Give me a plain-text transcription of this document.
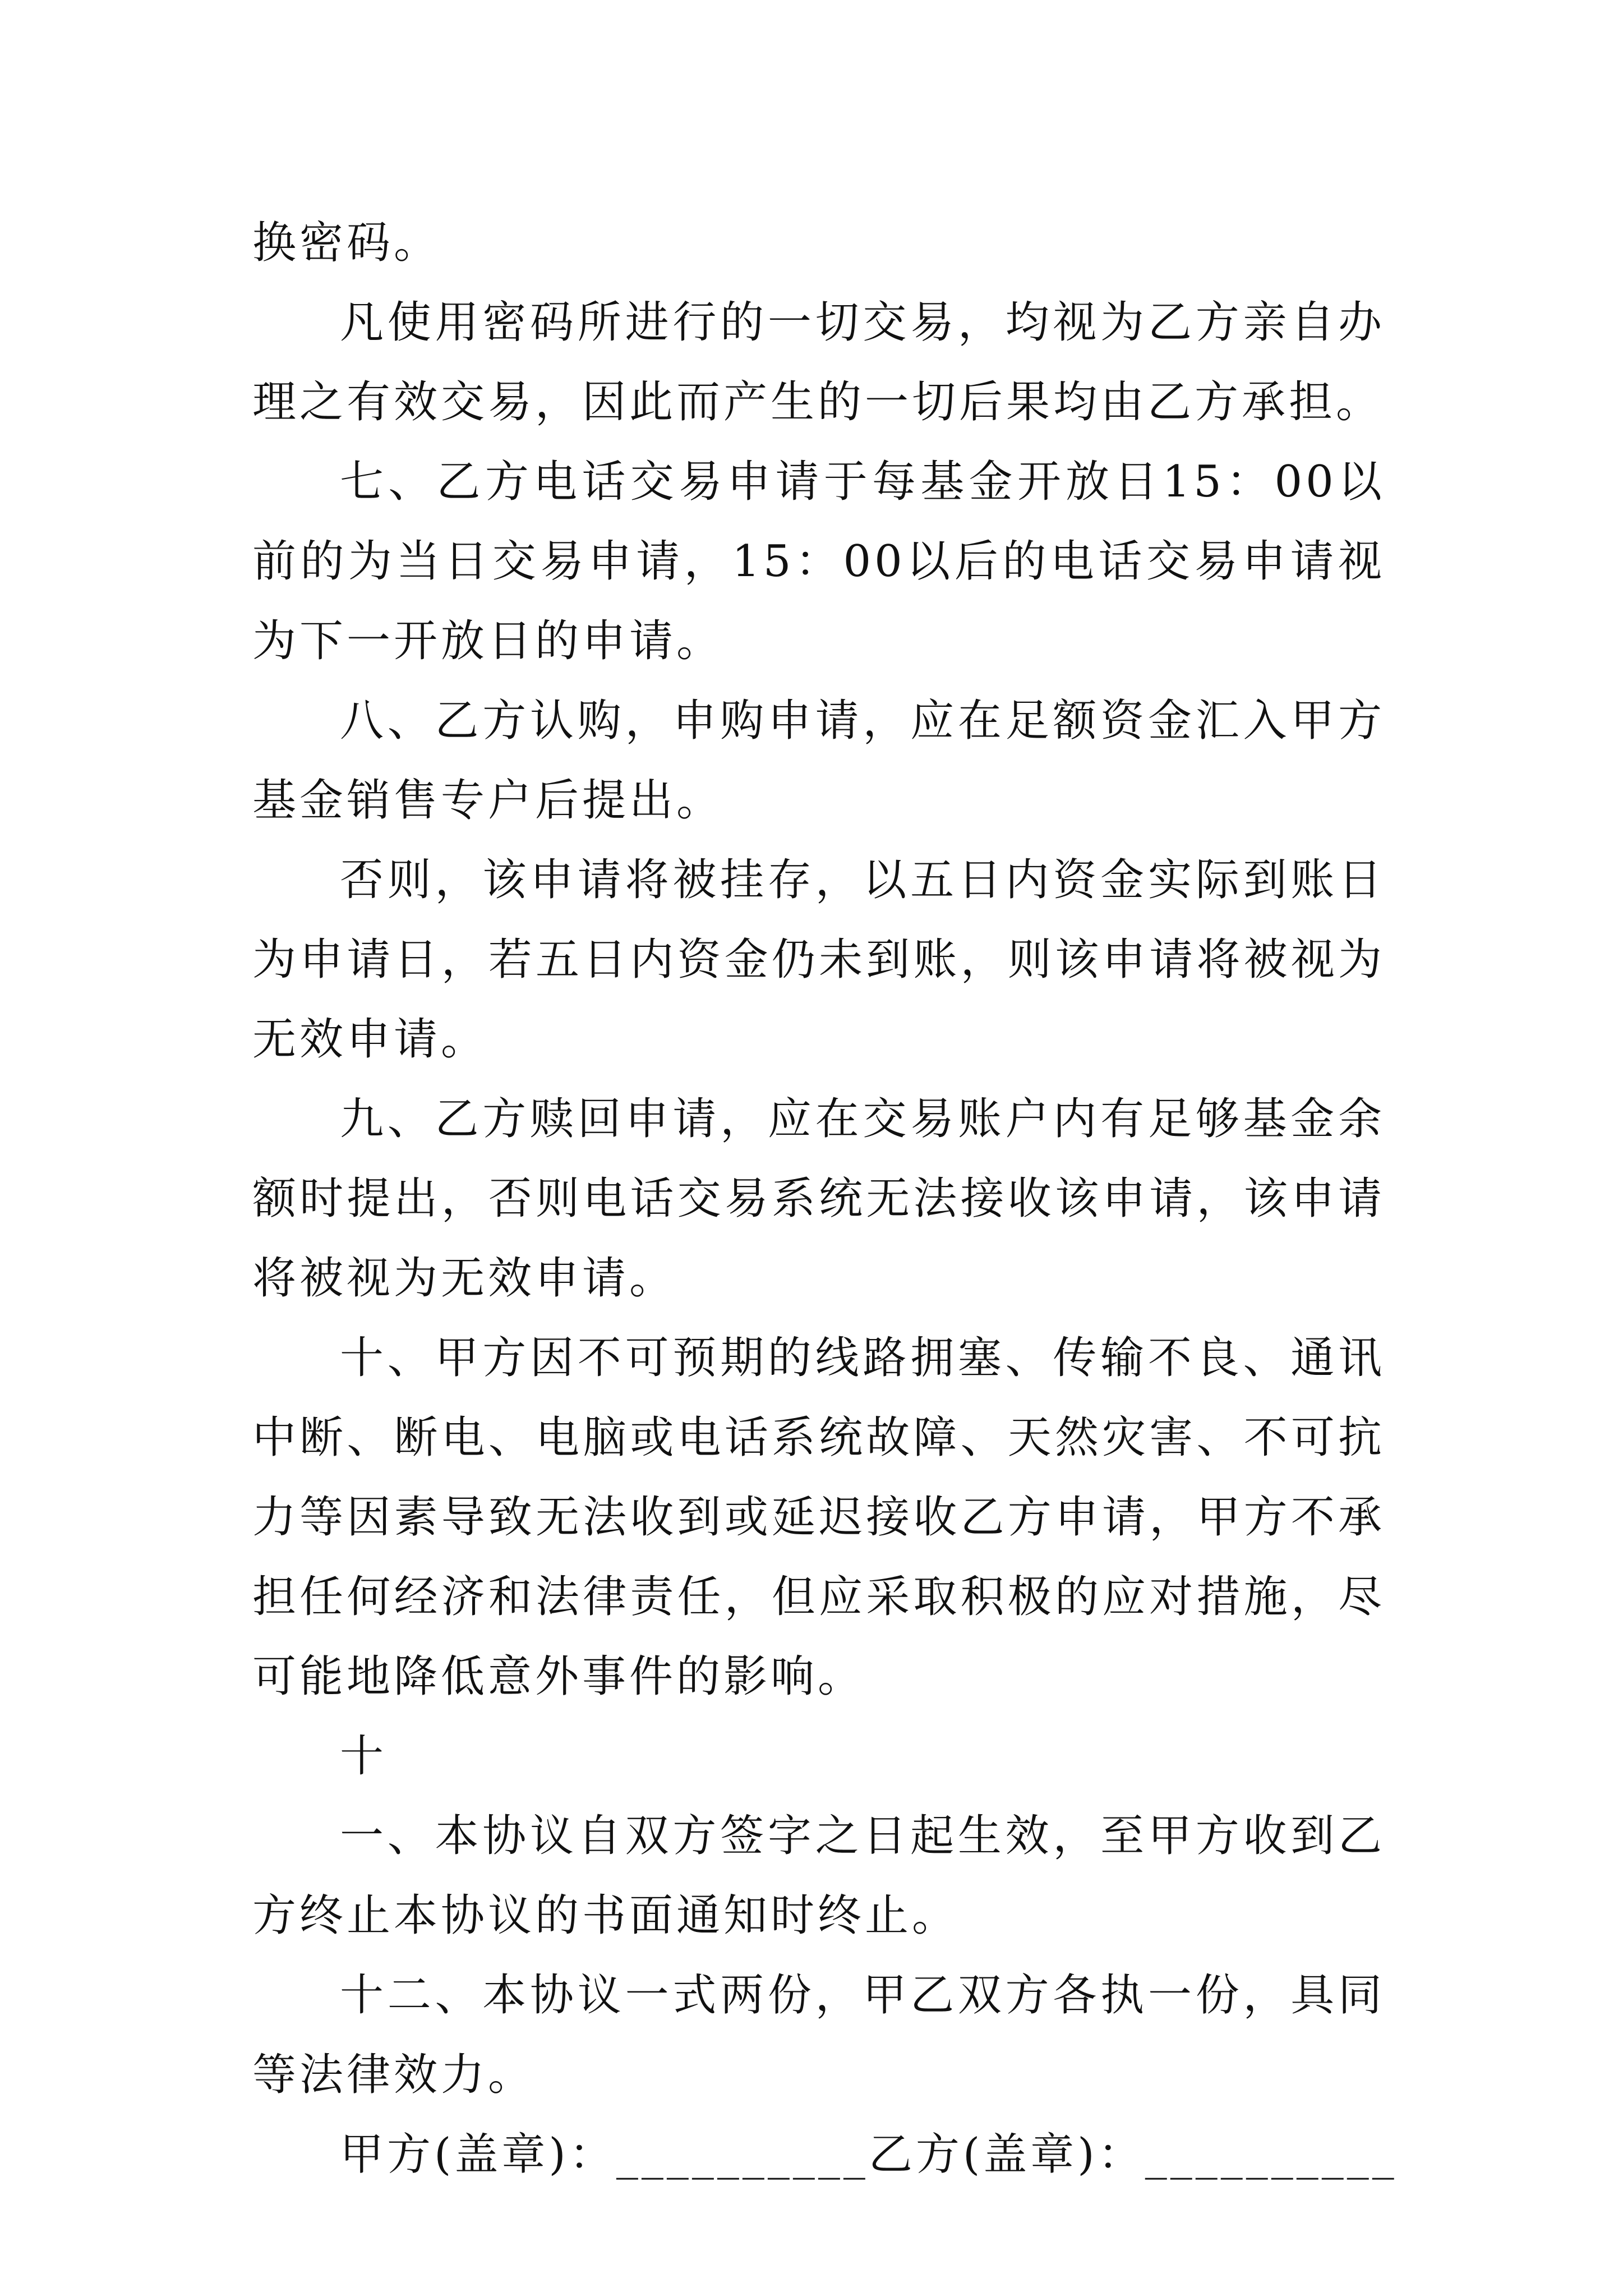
换密码。

凡使用密码所进行的一切交易，均视为乙方亲自办理之有效交易，因此而产生的一切后果均由乙方承担。

七、乙方电话交易申请于每基金开放日15：00以前的为当日交易申请，15：00以后的电话交易申请视为下一开放日的申请。

八、乙方认购，申购申请，应在足额资金汇入甲方基金销售专户后提出。

否则，该申请将被挂存，以五日内资金实际到账日为申请日，若五日内资金仍未到账，则该申请将被视为无效申请。

九、乙方赎回申请，应在交易账户内有足够基金余额时提出，否则电话交易系统无法接收该申请，该申请将被视为无效申请。

十、甲方因不可预期的线路拥塞、传输不良、通讯中断、断电、电脑或电话系统故障、天然灾害、不可抗力等因素导致无法收到或延迟接收乙方申请，甲方不承担任何经济和法律责任，但应采取积极的应对措施，尽可能地降低意外事件的影响。

十

一、本协议自双方签字之日起生效，至甲方收到乙方终止本协议的书面通知时终止。

十二、本协议一式两份，甲乙双方各执一份，具同等法律效力。

甲方(盖章)：__________乙方(盖章)：__________
